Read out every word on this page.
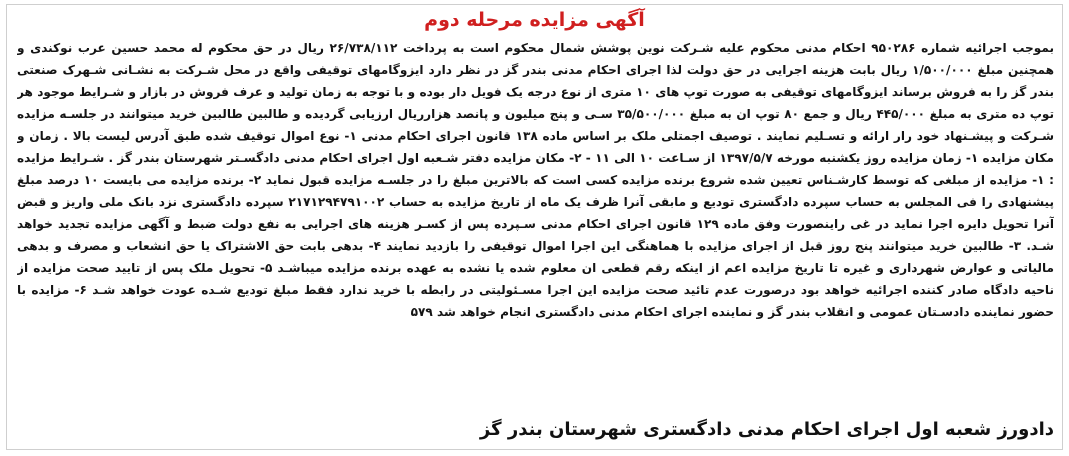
آگهی مزایده مرحله دوم
بموجب اجرائیه شماره ۹۵۰۲۸۶ احکام مدنی محکوم علیه شـرکت نوین پوشش شمال محکوم است به پرداخت ۲۶/۷۳۸/۱۱۲ ریال در حق محکوم له محمد حسین عرب نوکندی و همچنین مبلغ ۱/۵۰۰/۰۰۰ ریال بابت هزینه اجرایی در حق دولت لذا اجرای احکام مدنی بندر گز در نظر دارد ایزوگامهای توقیفی واقع در محل شـرکت به نشـانی شـهرک صنعتی بندر گز را به فروش برساند ایزوگامهای توقیفی به صورت توپ های ۱۰ متری از نوع درجه یک فویل دار بوده و با توجه به زمان تولید و عرف فروش در بازار و شـرایط موجود هر توپ ده متری به مبلغ ۴۴۵/۰۰۰ ریال و جمع ۸۰ توپ ان به مبلغ ۳۵/۵۰۰/۰۰۰ سـی و پنج میلیون و پانصد هزارریال ارزیابی گردیده و طالبین طالبین خرید میتوانند در جلسـه مزایده شـرکت و پیشـنهاد خود رار ارائه و تسـلیم نمایند . توصیف اجمتلی ملک بر اساس ماده ۱۳۸ قانون اجرای احکام مدنی ۱- نوع اموال توقیف شده طبق آدرس لیست بالا . زمان و مکان مزایده ۱- زمان مزایده روز یکشنبه مورخه ۱۳۹۷/۵/۷ از سـاعت ۱۰ الی ۱۱ - ۲- مکان مزایده دفتر شـعبه اول اجرای احکام مدنی دادگسـتر شهرستان بندر گز . شـرایط مزایده : ۱- مزایده از مبلغی که توسط کارشـناس تعیین شده شروع برنده مزایده کسی است که بالاترین مبلغ را در جلسـه مزایده قبول نماید ۲- برنده مزایده می بایست ۱۰ درصد مبلغ پیشنهادی را فی المجلس به حساب سپرده دادگستری تودیع و مابقی آنرا ظرف یک ماه از تاریخ مزایده به حساب ۲۱۷۱۲۹۴۷۹۱۰۰۲ سپرده دادگستری نزد بانک ملی واریز و قبض آنرا تحویل دایره اجرا نماید در غی راینصورت وفق ماده ۱۲۹ قانون اجرای احکام مدنی سـپرده پس از کسـر هزینه های اجرایی به نفع دولت ضبط و آگهی مزایده تجدید خواهد شـد. ۳- طالبین خرید میتوانند پنج روز قبل از اجرای مزایده با هماهنگی این اجرا اموال توقیفی را بازدید نمایند ۴- بدهی بابت حق الاشتراک یا حق انشعاب و مصرف و بدهی مالیاتی و عوارض شهرداری و غیره تا تاریخ مزایده اعم از اینکه رقم قطعی ان معلوم شده یا نشده به عهده برنده مزایده میباشـد ۵- تحویل ملک پس از تایید صحت مزایده از ناحیه دادگاه صادر کننده اجرائیه خواهد بود درصورت عدم تائید صحت مزایده این اجرا مسـئولیتی در رابطه با خرید ندارد فقط مبلغ تودیع شـده عودت خواهد شـد ۶- مزایده با حضور نماینده دادسـتان عمومی و انقلاب بندر گز و نماینده اجرای احکام مدنی دادگستری انجام خواهد شد ۵۷۹
دادورز شعبه اول اجرای احکام مدنی دادگستری شهرستان بندر گز
